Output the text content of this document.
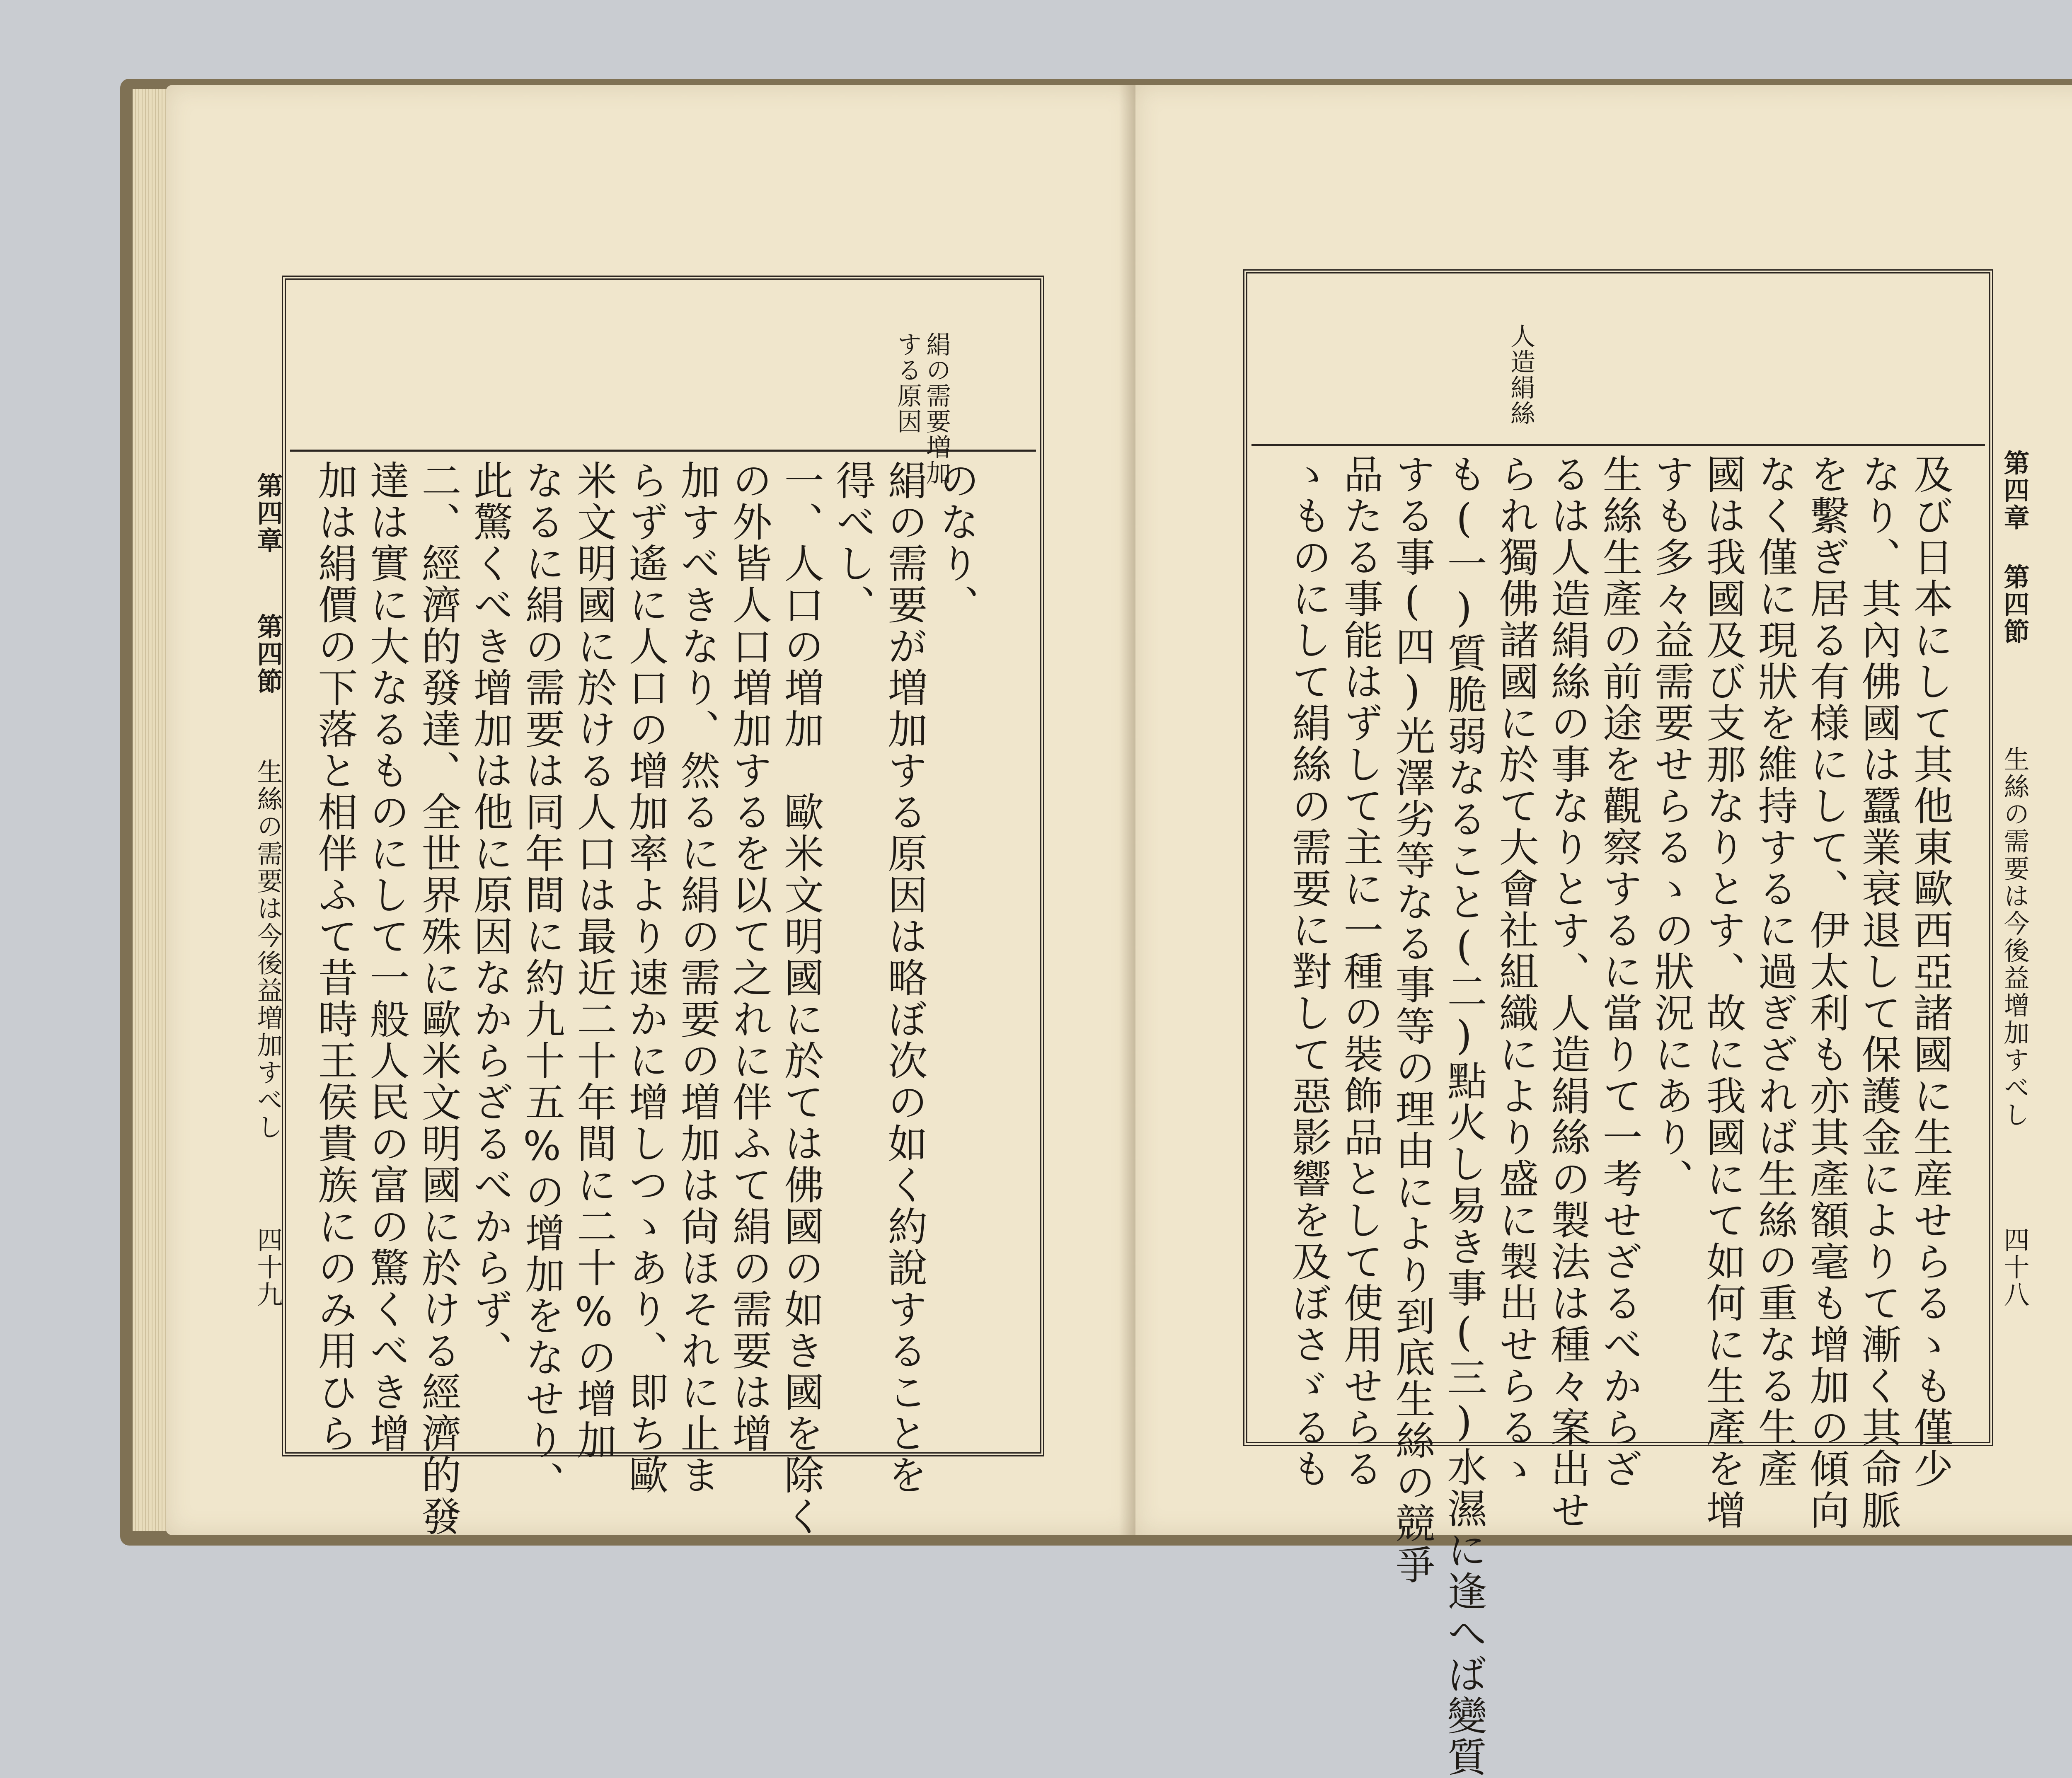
絹の需要増加
する原因
のなり、
絹の需要が増加する原因は略ぼ次の如く約說することを
得べし、
一、人口の増加　歐米文明國に於ては佛國の如き國を除く
の外皆人口増加するを以て之れに伴ふて絹の需要は增
加すべきなり、然るに絹の需要の増加は尙ほそれに止ま
らず遙に人口の增加率より速かに增しつゝあり、即ち歐
米文明國に於ける人口は最近二十年間に二十%の增加
なるに絹の需要は同年間に約九十五%の增加をなせり、
此驚くべき增加は他に原因なからざるべからず、
二、經濟的發達、全世界殊に歐米文明國に於ける經濟的發
達は實に大なるものにして一般人民の富の驚くべき增
加は絹價の下落と相伴ふて昔時王侯貴族にのみ用ひら
第四章
第四節
生絲の需要は今後益増加すべし
四十九
人造絹絲
第四章
第四節
生絲の需要は今後益增加すべし
四十八
及び日本にして其他東歐西亞諸國に生産せらるゝも僅少
なり、其內佛國は蠶業衰退して保護金によりて漸く其命脈
を繫ぎ居る有様にして、伊太利も亦其產額毫も增加の傾向
なく僅に現狀を維持するに過ぎざれば生絲の重なる生產
國は我國及び支那なりとす、故に我國にて如何に生產を增
すも多々益需要せらるゝの狀況にあり、
生絲生產の前途を觀察するに當りて一考せざるべからざ
るは人造絹絲の事なりとす、人造絹絲の製法は種々案出せ
られ獨佛諸國に於て大會社組織により盛に製出せらるゝ
も(一)質脆弱なること(二)點火し易き事(三)水濕に逢へば變質
する事(四)光澤劣等なる事等の理由により到底生絲の競爭
品たる事能はずして主に一種の裝飾品として使用せらる
ゝものにして絹絲の需要に對して惡影響を及ぼさゞるも
